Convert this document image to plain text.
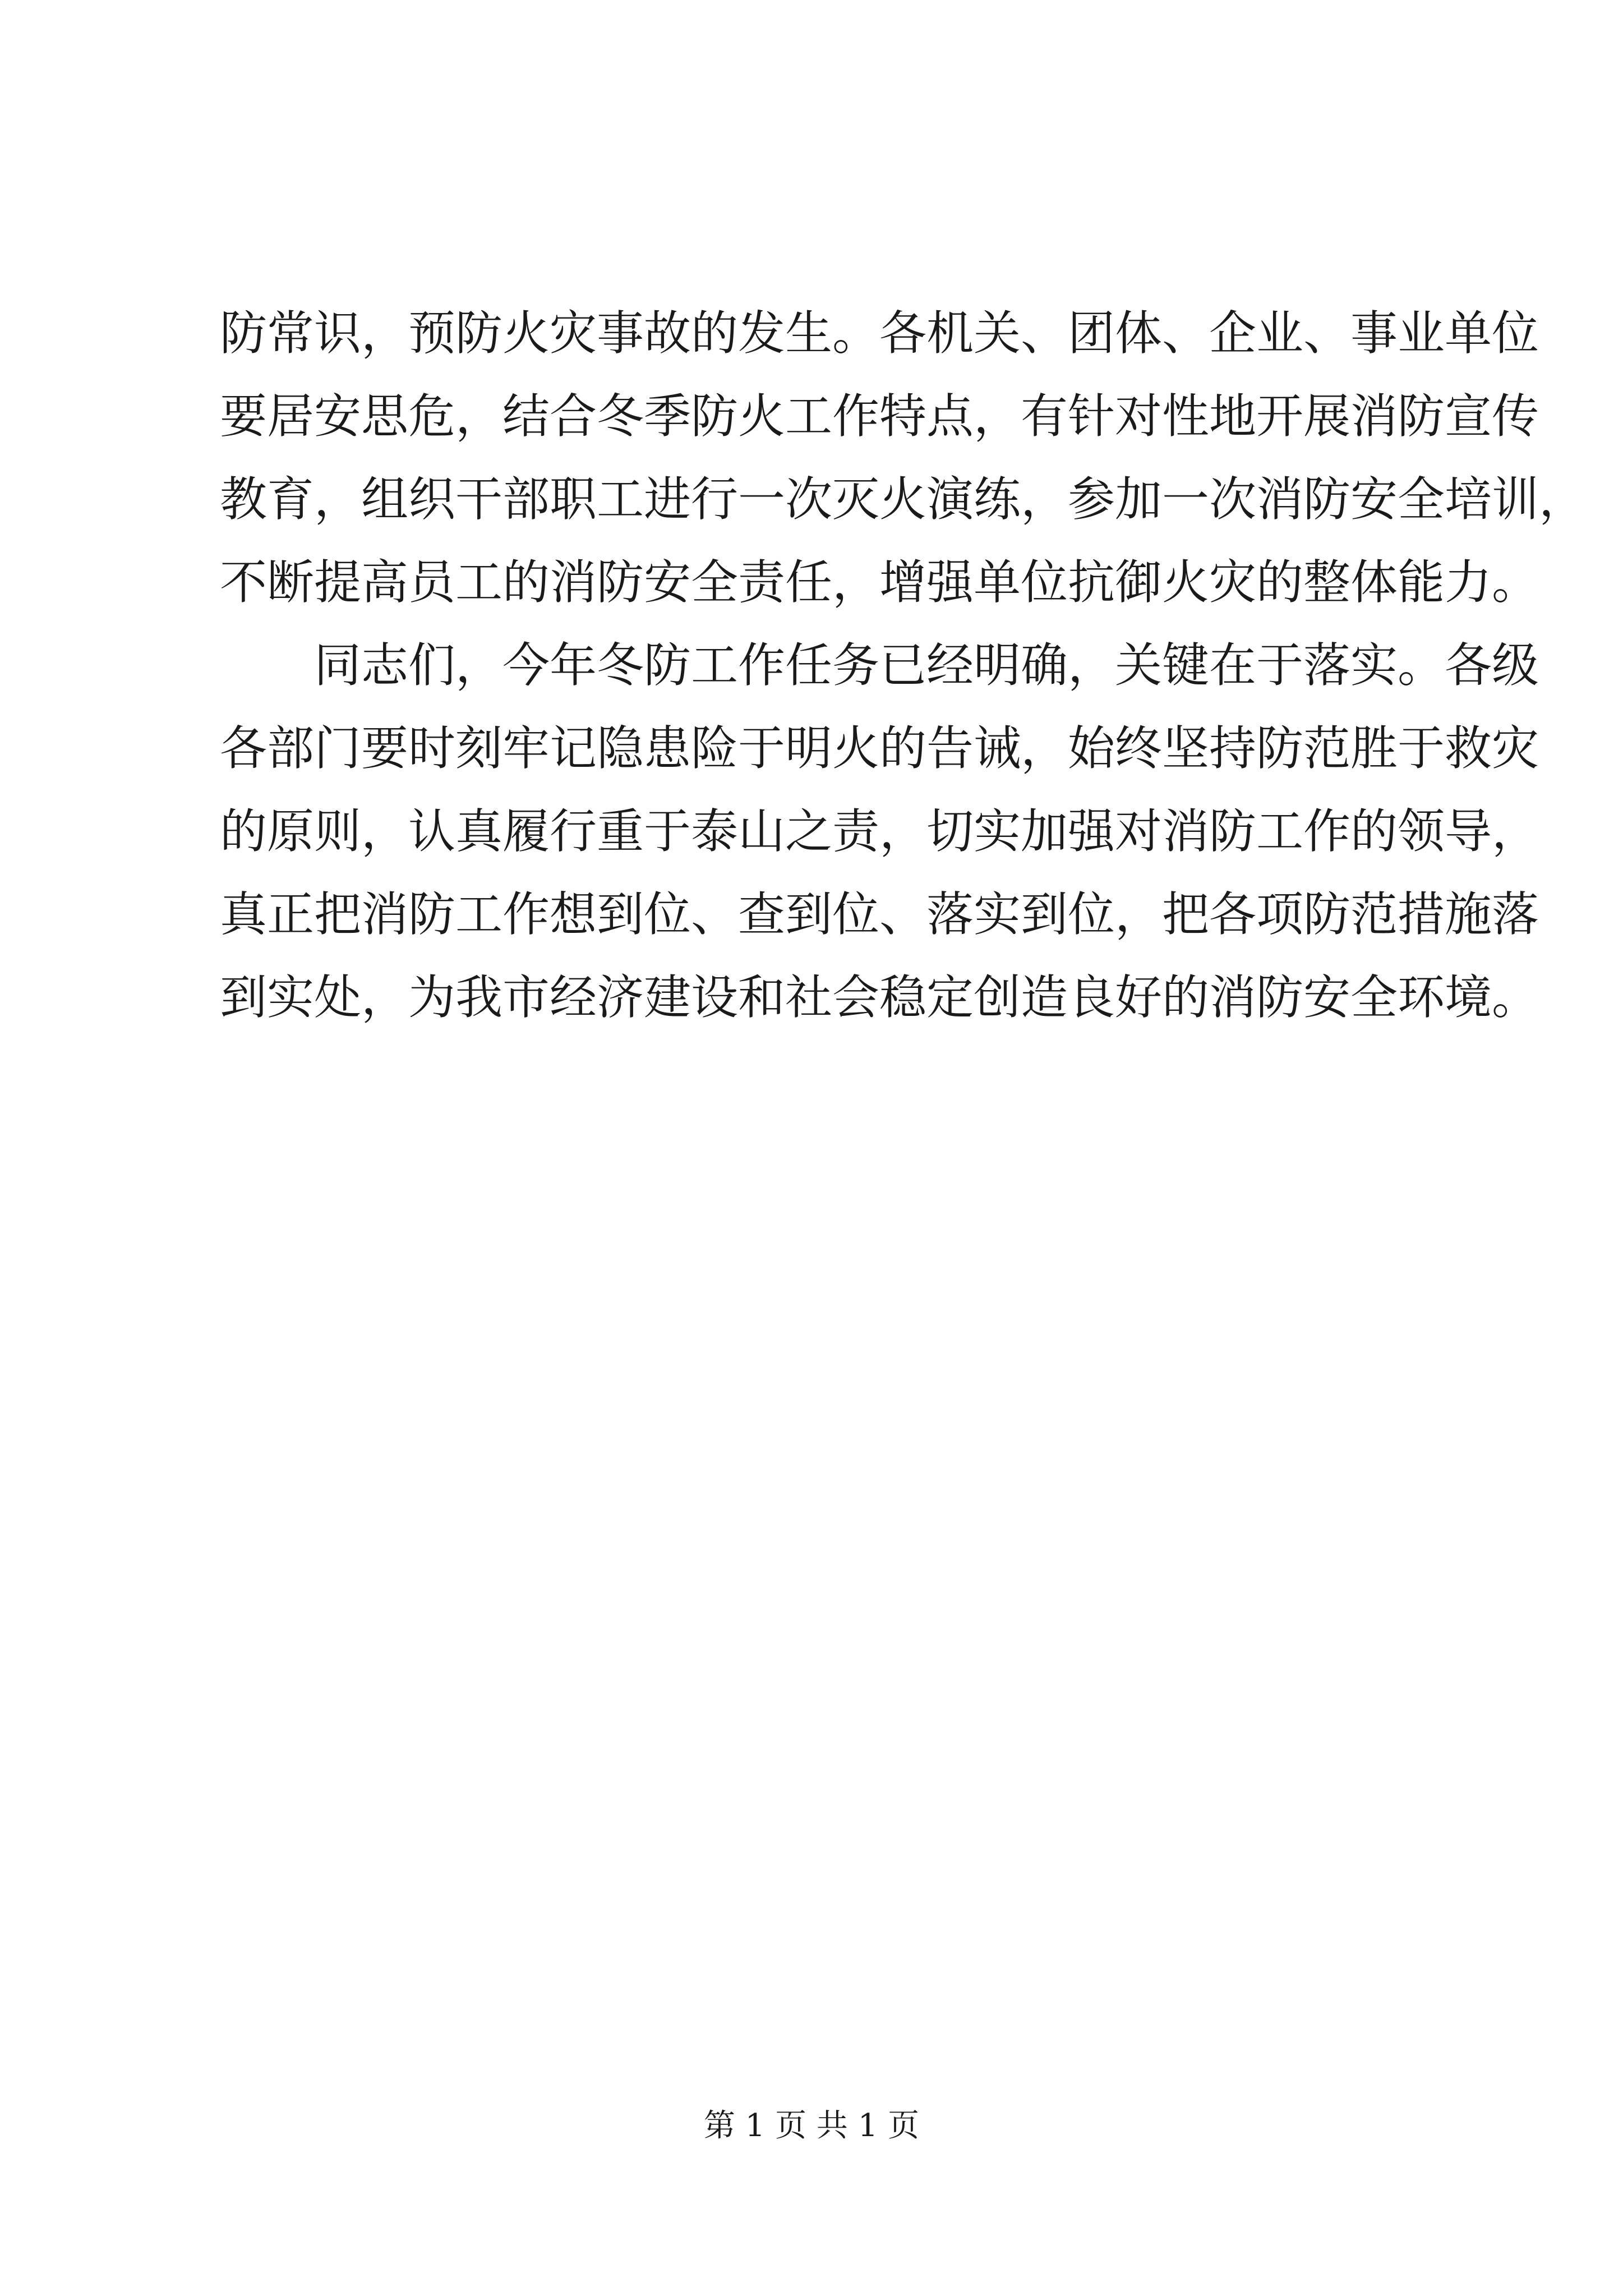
防常识，预防火灾事故的发生。各机关、团体、企业、事业单位
要居安思危，结合冬季防火工作特点，有针对性地开展消防宣传
教育，组织干部职工进行一次灭火演练，参加一次消防安全培训，
不断提高员工的消防安全责任，增强单位抗御火灾的整体能力。
同志们，今年冬防工作任务已经明确，关键在于落实。各级
各部门要时刻牢记隐患险于明火的告诫，始终坚持防范胜于救灾
的原则，认真履行重于泰山之责，切实加强对消防工作的领导，
真正把消防工作想到位、查到位、落实到位，把各项防范措施落
到实处，为我市经济建设和社会稳定创造良好的消防安全环境。
第 1 页 共 1 页
